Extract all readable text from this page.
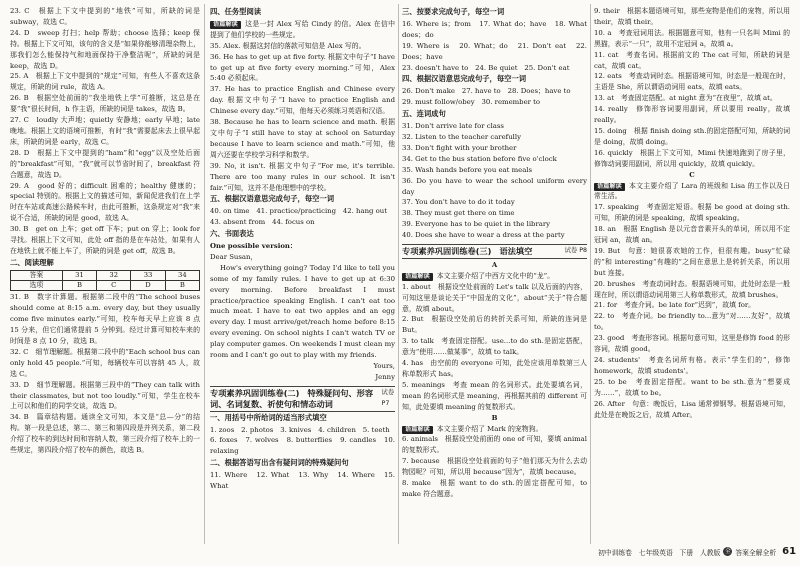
23. C　根据上下文中提到的“地铁”可知，所缺的词是 subway，故选 C。

24. D　sweep 打扫；help 帮助；choose 选择；keep 保持。根据上下文可知，该句的含义是“如果你能够清理杂物上，那我们怎么能保持气和地面保持干净整洁呢”，所缺的词是 keep，故选 D。

25. A　根据上下文中提到的“规定”可知，有些人不喜欢这条规定，所缺的词 rule，故选 A。

26. B　根据空处前面的“我坐地铁上学”可推断，这总是在要“我”很长时间，h 作主语，所缺的词是 takes，故选 B。

27. C　loudly 大声地；quietly 安静地；early 早地；late 晚地。根据上文的语境可推断，有时“我”需要起床去上很早起床，所缺的词是 early，故选 C。

28. D　根据上下文中提到的“ham”和“egg”以及空处后面的“breakfast”可知，“我”就可以节省时间了，breakfast 符合题意，故选 D。

29. A　good 好的；difficult 困难的；healthy 健康的；special 特别的。根据上文的描述可知，新闻促进我们在上学时在车站或高速公路候车时，由此可推断，这条规定对“我”来说不合适，所缺的词是 good，故选 A。

30. B　get on 上车；get off 下车；put on 穿上；look for 寻找。根据上下文可知，此处 off 指的是在车站处，如果有人在地铁上就不能上车了，所缺的词是 get off，故选 B。

二、阅读理解
答案	31	32	33	34
选项	B	C	D	B

31. B　数字计算题。根据第二段中的“The school buses should come at 8:15 a.m. every day, but they usually come five minutes early.”可知，校车每天早上应该 8 点 15 分来，但它们通常提前 5 分钟到。经过计算可知校车来的时间是 8 点 10 分，故选 B。

32. C　细节理解题。根据第二段中的“Each school bus can only hold 45 people.”可知，每辆校车可以容纳 45 人，故选 C。

33. D　细节理解题。根据第三段中的“They can talk with their classmates, but not too loudly.”可知，学生在校车上可以和他们的同学交谈，故选 D。

34. B　篇章结构题。通读全文可知，本文是“总—分”的结构。第一段是总述，第二、第三和第四段是并列关系，第二段介绍了校车的到达时间和容纳人数，第三段介绍了校车上的一些规定，第四段介绍了校车的颜色，故选 B。

四、任务型阅读

语篇解读 这是一封 Alex 写给 Cindy 的信。Alex 在信中提到了他们学校的一些规定。

35. Alex. 根据这封信的落款可知信是 Alex 写的。

36. He has to get up at five forty. 根据文中句子“I have to get up at five forty every morning.”可知，Alex 5:40 必须起床。

37. He has to practice English and Chinese every day. 根据文中句子“I have to practice English and Chinese every day.”可知，他每天必须练习英语和汉语。

38. Because he has to learn science and math. 根据文中句子“I still have to stay at school on Saturday because I have to learn science and math.”可知，他周六还要在学校学习科学和数学。

39. No, it isn't. 根据文中句子“For me, it's terrible. There are too many rules in our school. It isn't fair.”可知，这并不是他理想中的学校。

五、根据汉语意思完成句子，每空一词

40. on time　41. practice/practicing　42. hang out

43. absent from　44. focus on

六、书面表达

One possible version：

Dear Susan，

How's everything going? Today I'd like to tell you some of my family rules. I have to get up at 6:30 every morning. Before breakfast I must practice/practice speaking English. I can't eat too much meat. I have to eat two apples and an egg every day. I must arrive/get/reach home before 8:15 every evening. On school nights I can't watch TV or play computer games. On weekends I must clean my room and I can't go out to play with my friends.

Yours,

Jenny

专项素养巩固训练卷(二)　特殊疑问句、形容词、名词复数、祈使句和情态动词
试卷 P7
一、用括号中所给词的适当形式填空

1. zoos　2. photos　3. knives　4. children　5. teeth

6. foxes　7. wolves　8. butterflies　9. candles　10. relaxing

二、根据答语写出含有疑问词的特殊疑问句

11. Where　12. What　13. Why　14. Where　15. What

三、按要求完成句子，每空一词

16. Where is；from　17. What do；have　18. What does；do

19. Where is　20. What；do　21. Don't eat　22. Does；have

23. doesn't have to　24. Be quiet　25. Don't eat

四、根据汉语意思完成句子，每空一词

26. Don't make　27. have to　28. Does；have to

29. must follow/obey　30. remember to

五、连词成句

31. Don't arrive late for class

32. Listen to the teacher carefully

33. Don't fight with your brother

34. Get to the bus station before five o'clock

35. Wash hands before you eat meals

36. Do you have to wear the school uniform every day

37. You don't have to do it today

38. They must get there on time

39. Everyone has to be quiet in the library

40. Does she have to wear a dress at the party

专项素养巩固训练卷(三)　语法填空	试卷 P8
A

语篇解读 本文主要介绍了中西方文化中的“龙”。

1. about　根据设空处前面的 Let's talk 以及后面的内容，可知这里是谈论关于“中国龙的文化”，about“关于”符合题意，故填 about。

2. But　根据设空处前后的转折关系可知，所缺的连词是 But。

3. to talk　考查固定搭配。use...to do sth.是固定搭配，意为“使用……做某事”，故填 to talk。

4. has　由空前的 everyone 可知，此处应该用单数第三人称单数形式 has。

5. meanings　考查 mean 的名词形式。此处要填名词，mean 的名词形式是 meaning，再根据其前的 different 可知，此处要填 meaning 的复数形式。

B

语篇解读 本文主要介绍了 Mark 的宠物狗。

6. animals　根据设空处前面的 one of 可知，要填 animal 的复数形式。

7. because　根据设空处前面的句子“他们那天为什么去动物园呢？可知，所以用 because“因为”，故填 because。

8. make　根据 want to do sth.的固定搭配可知，to make 符合题意。

9. their　根据本题语境可知，那些宠物是他们的宠物，所以用 their，故填 their。

10. a　考查冠词用法。根据题意可知，他有一只名叫 Mimi 的黑猫，表示“一只”，故用不定冠词 a，故填 a。

11. cat　考查名词。根据前文的 The cat 可知，所缺的词是 cat，故填 cat。

12. eats　考查动词时态。根据语境可知，时态是一般现在时，主语是 She，所以谓语动词用 eats，故填 eats。

13. at　考查固定搭配。at night 意为“在夜里”，故填 at。

14. really　修饰形容词要用副词，所以要用 really，故填 really。

15. doing　根据 finish doing sth.的固定搭配可知，所缺的词是 doing，故填 doing。

16. quickly　根据上下文可知，Mimi 快速地跑到了房子里，修饰动词要用副词，所以用 quickly，故填 quickly。

C

语篇解读 本文主要介绍了 Lara 的班级和 Lisa 的工作以及日常生活。

17. speaking　考查固定短语。根据 be good at doing sth.可知，所缺的词是 speaking，故填 speaking。

18. an　根据 English 是以元音音素开头的单词，所以用不定冠词 an，故填 an。

19. But　句意：她很喜欢她的工作，但很有趣。busy“忙碌的”和 interesting“有趣的”之间在意思上是转折关系，所以用 but 连接。

20. brushes　考查动词时态。根据语境可知，此处时态是一般现在时，所以谓语动词用第三人称单数形式，故填 brushes。

21. for　考查介词。be late for“迟到”，故填 for。

22. to　考查介词。be friendly to...意为“对……友好”，故填 to。

23. good　考查形容词。根据句意可知，这里是修饰 food 的形容词，故填 good。

24. students'　考查名词所有格。表示“学生们的”，修饰 homework，故填 students'。

25. to be　考查固定搭配。want to be sth.意为“想要成为……”，故填 to be。

26. After　句意：晚饭后，Lisa 通常弹钢琴。根据语境可知，此处是在晚饭之后，故填 After。

初中训练卷　七年级英语　下册　人教版 全 答案全解全析 61
